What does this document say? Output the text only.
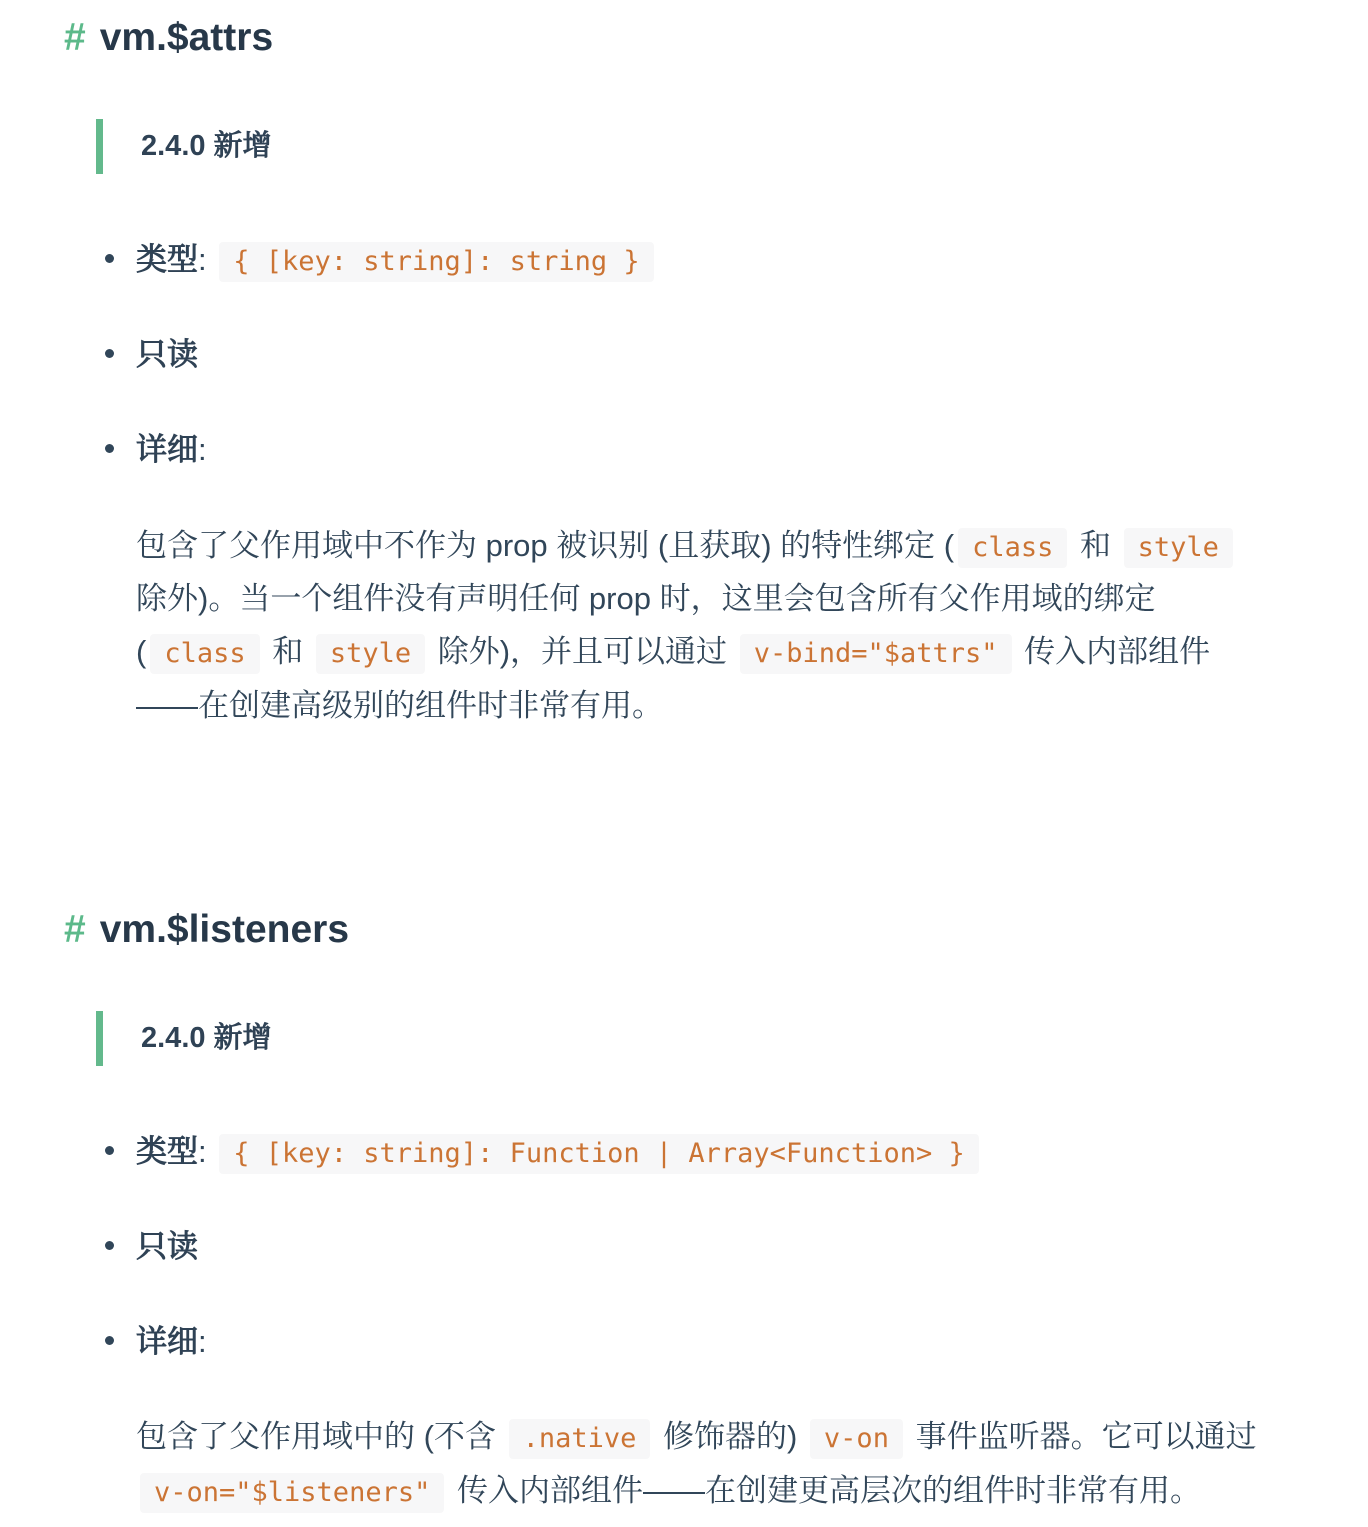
# vm.$attrs

2.4.0 新增

类型: { [key: string]: string }
只读
详细:

包含了父作用域中不作为 prop 被识别 (且获取) 的特性绑定 ( class 和 style 除外)。当一个组件没有声明任何 prop 时，这里会包含所有父作用域的绑定 ( class 和 style 除外)，并且可以通过 v-bind="$attrs" 传入内部组件——在创建高级别的组件时非常有用。

# vm.$listeners

2.4.0 新增

类型: { [key: string]: Function | Array<Function> }
只读
详细:

包含了父作用域中的 (不含 .native 修饰器的) v-on 事件监听器。它可以通过 v-on="$listeners" 传入内部组件——在创建更高层次的组件时非常有用。
